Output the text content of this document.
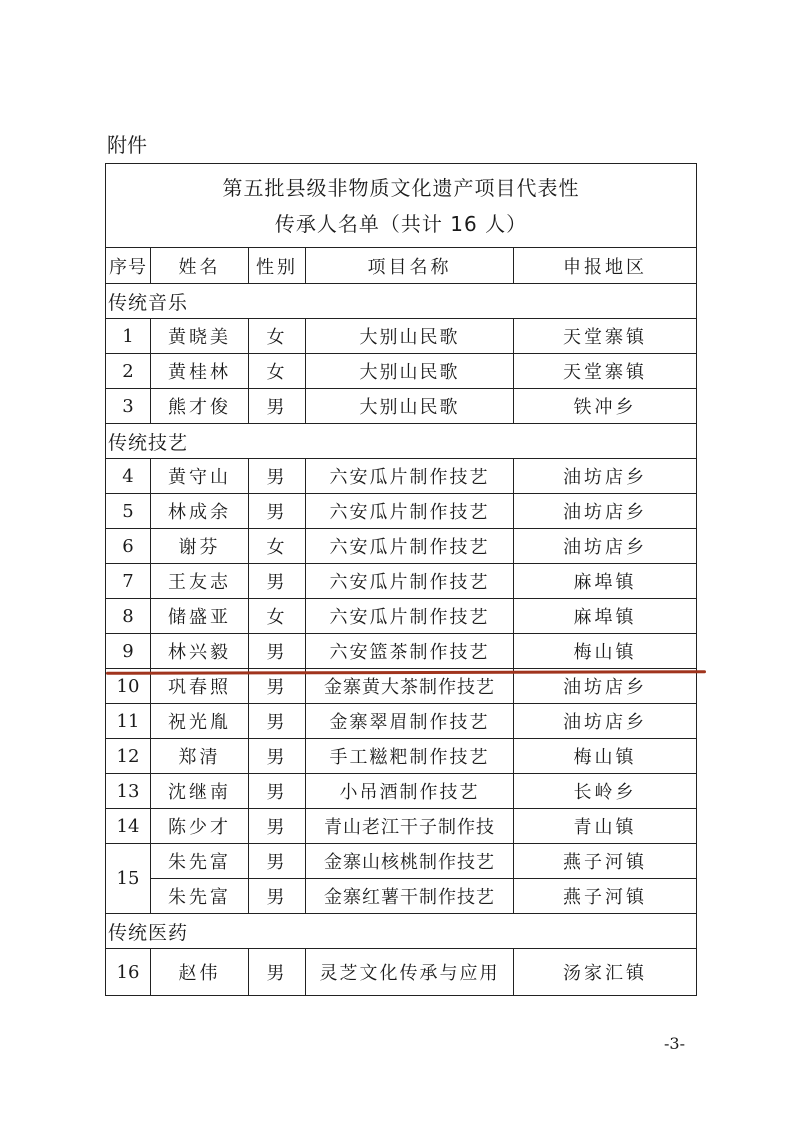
附件
第五批县级非物质文化遗产项目代表性
传承人名单（共计 16 人）				

序号	姓名	性别	项目名称	申报地区
传统音乐				
1	黄晓美	女	大别山民歌	天堂寨镇
2	黄桂林	女	大别山民歌	天堂寨镇
3	熊才俊	男	大别山民歌	铁冲乡
传统技艺				
4	黄守山	男	六安瓜片制作技艺	油坊店乡
5	林成余	男	六安瓜片制作技艺	油坊店乡
6	谢芬	女	六安瓜片制作技艺	油坊店乡
7	王友志	男	六安瓜片制作技艺	麻埠镇
8	储盛亚	女	六安瓜片制作技艺	麻埠镇
9	林兴毅	男	六安篮茶制作技艺	梅山镇
10	巩春照	男	金寨黄大茶制作技艺	油坊店乡
11	祝光胤	男	金寨翠眉制作技艺	油坊店乡
12	郑清	男	手工糍粑制作技艺	梅山镇
13	沈继南	男	小吊酒制作技艺	长岭乡
14	陈少才	男	青山老江干子制作技	青山镇
15	朱先富	男	金寨山核桃制作技艺	燕子河镇
	朱先富	男	金寨红薯干制作技艺	燕子河镇
传统医药				
16	赵伟	男	灵芝文化传承与应用	汤家汇镇
-3-
